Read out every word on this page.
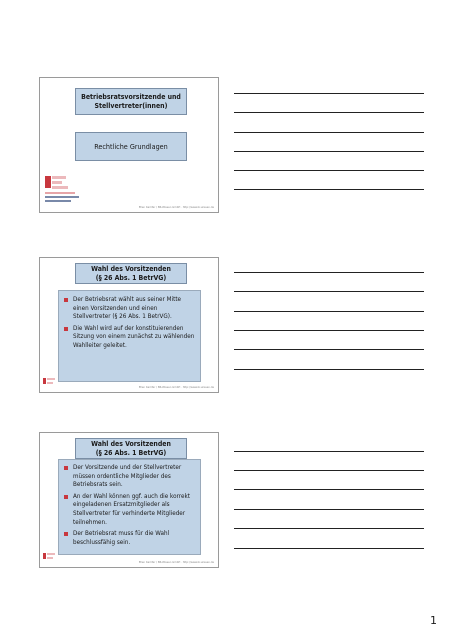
Betriebsratsvorsitzende und
Stellvertreter(innen)
Rechtliche Grundlagen
Ellen Kamfer / BR-Wissen GmbH · http://www.br-wissen.de
Wahl des Vorsitzenden
(§ 26 Abs. 1 BetrVG)
Der Betriebsrat wählt aus seiner Mitte einen Vorsitzenden und einen Stellvertreter (§ 26 Abs. 1 BetrVG).
Die Wahl wird auf der konstituierenden Sitzung von einem zunächst zu wählenden Wahlleiter geleitet.
Ellen Kamfer / BR-Wissen GmbH · http://www.br-wissen.de
Wahl des Vorsitzenden
(§ 26 Abs. 1 BetrVG)
Der Vorsitzende und der Stellvertreter müssen ordentliche Mitglieder des Betriebsrats sein.
An der Wahl können ggf. auch die korrekt eingeladenen Ersatzmitglieder als Stellvertreter für verhinderte Mitglieder teilnehmen.
Der Betriebsrat muss für die Wahl beschlussfähig sein.
Ellen Kamfer / BR-Wissen GmbH · http://www.br-wissen.de
1
